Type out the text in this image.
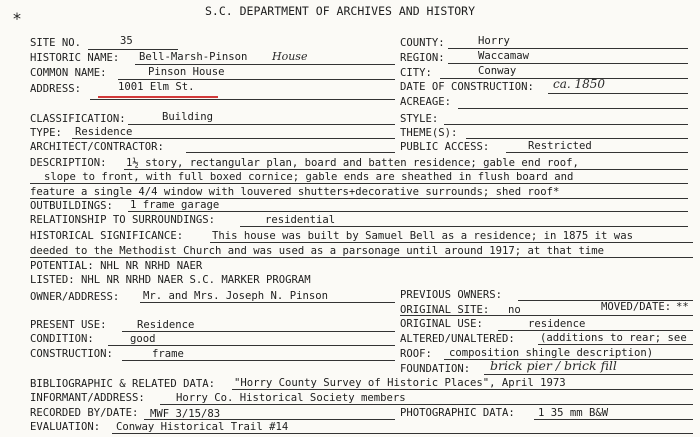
*	S.C. DEPARTMENT OF ARCHIVES AND HISTORY
SITE NO.	35
HISTORIC NAME: Bell-Marsh-Pinson House
COMMON NAME:	Pinson House
ADDRESS:	1001 Elm St.
COUNTY:	Horry
REGION:	Waccamaw
CITY:	Conway
DATE OF CONSTRUCTION: ca. 1850
ACREAGE:
CLASSIFICATION:	Building	STYLE:
TYPE: Residence	THEME(S):
ARCHITECT/CONTRACTOR:	PUBLIC ACCESS:	Restricted
DESCRIPTION: 1½ story, rectangular plan, board and batten residence; gable end roof,
slope to front, with full boxed cornice; gable ends are sheathed in flush board and
feature a single 4/4 window with louvered shutters+decorative surrounds; shed roof*
OUTBUILDINGS: 1 frame garage
RELATIONSHIP TO SURROUNDINGS:	residential
HISTORICAL SIGNIFICANCE:	This house was built by Samuel Bell as a residence; in 1875 it was
deeded to the Methodist Church and was used as a parsonage until around 1917; at that time
POTENTIAL: NHL NR NRHD NAER
LISTED: NHL NR NRHD NAER S.C. MARKER PROGRAM
OWNER/ADDRESS: Mr. and Mrs. Joseph N. Pinson	PREVIOUS OWNERS:
ORIGINAL SITE: no	MOVED/DATE: **
PRESENT USE:	Residence	ORIGINAL USE:	residence
CONDITION:	good	ALTERED/UNALTERED: (additions to rear; see
CONSTRUCTION:	frame	ROOF: composition shingle description)
FOUNDATION: brick pier / brick fill
BIBLIOGRAPHIC & RELATED DATA: "Horry County Survey of Historic Places", April 1973
INFORMANT/ADDRESS:	Horry Co. Historical Society members
RECORDED BY/DATE: MWF 3/15/83	PHOTOGRAPHIC DATA: 1 35 mm B&W
EVALUATION: Conway Historical Trail #14
